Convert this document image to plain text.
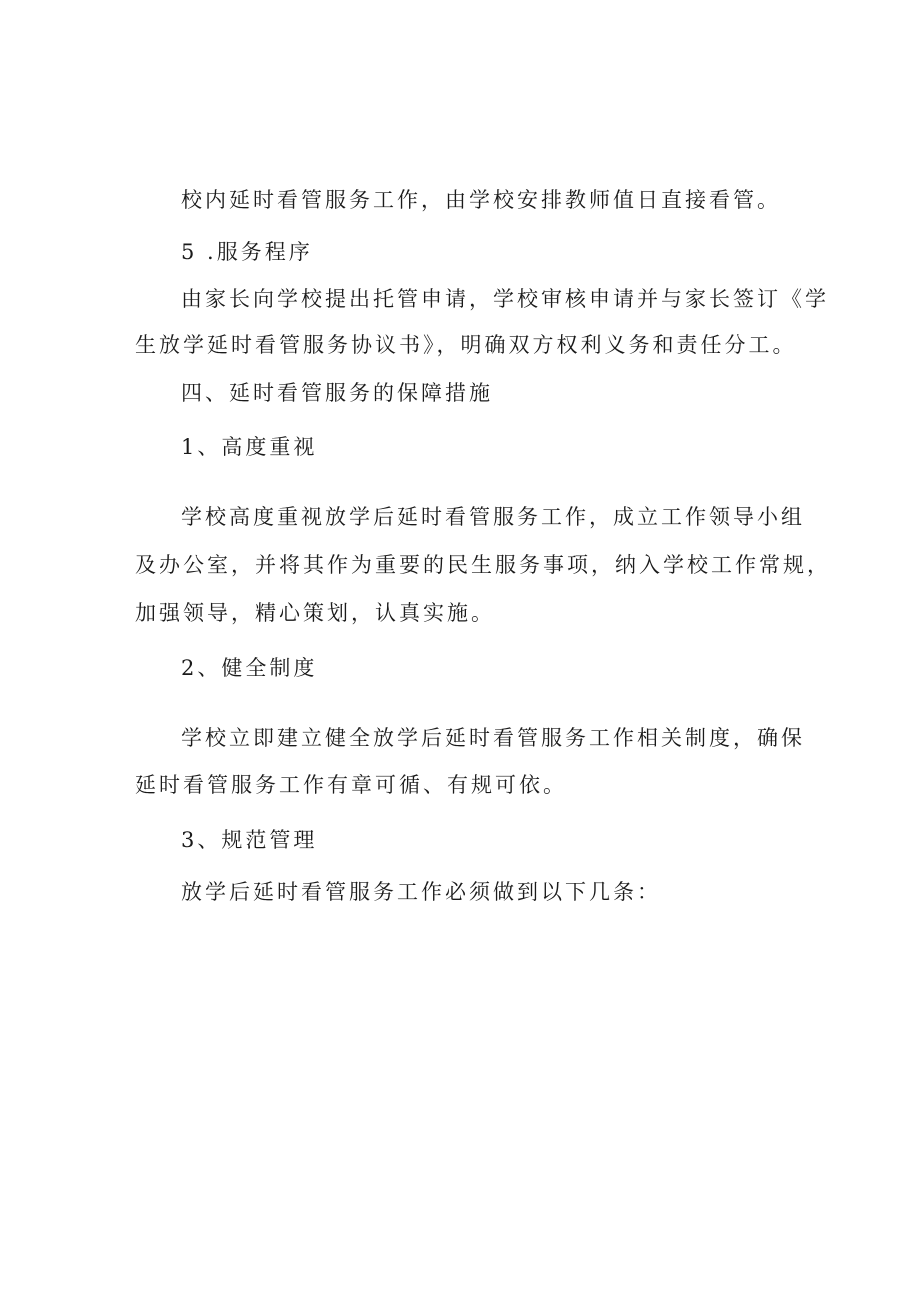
校内延时看管服务工作，由学校安排教师值日直接看管。

5 .服务程序

由家长向学校提出托管申请，学校审核申请并与家长签订《学

生放学延时看管服务协议书》，明确双方权利义务和责任分工。

四、延时看管服务的保障措施

1、高度重视

学校高度重视放学后延时看管服务工作，成立工作领导小组

及办公室，并将其作为重要的民生服务事项，纳入学校工作常规，

加强领导，精心策划，认真实施。

2、健全制度

学校立即建立健全放学后延时看管服务工作相关制度，确保

延时看管服务工作有章可循、有规可依。

3、规范管理

放学后延时看管服务工作必须做到以下几条：
